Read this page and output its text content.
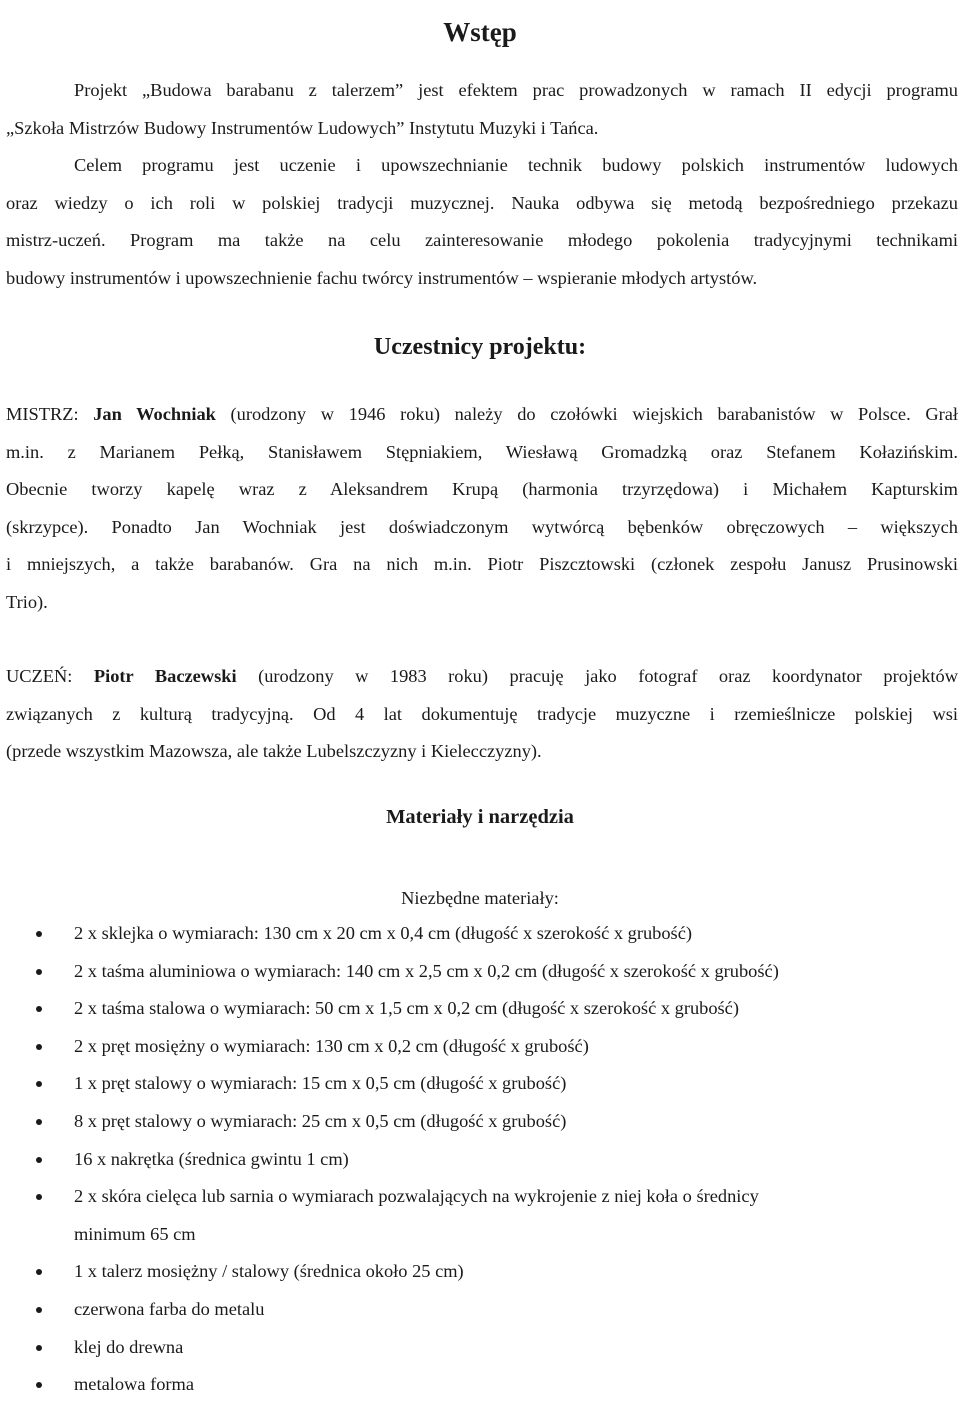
Wstęp
Projekt „Budowa barabanu z talerzem” jest efektem prac prowadzonych w ramach II edycji programu
„Szkoła Mistrzów Budowy Instrumentów Ludowych” Instytutu Muzyki i Tańca.
Celem programu jest uczenie i upowszechnianie technik budowy polskich instrumentów ludowych
oraz wiedzy o ich roli w polskiej tradycji muzycznej. Nauka odbywa się metodą bezpośredniego przekazu
mistrz-uczeń. Program ma także na celu zainteresowanie młodego pokolenia tradycyjnymi technikami
budowy instrumentów i upowszechnienie fachu twórcy instrumentów – wspieranie młodych artystów.
Uczestnicy projektu:
MISTRZ: Jan Wochniak (urodzony w 1946 roku) należy do czołówki wiejskich barabanistów w Polsce. Grał
m.in. z Marianem Pełką, Stanisławem Stępniakiem, Wiesławą Gromadzką oraz Stefanem Kołazińskim.
Obecnie tworzy kapelę wraz z Aleksandrem Krupą (harmonia trzyrzędowa) i Michałem Kapturskim
(skrzypce). Ponadto Jan Wochniak jest doświadczonym wytwórcą bębenków obręczowych – większych
i mniejszych, a także barabanów. Gra na nich m.in. Piotr Piszcztowski (członek zespołu Janusz Prusinowski
Trio).
UCZEŃ: Piotr Baczewski (urodzony w 1983 roku) pracuję jako fotograf oraz koordynator projektów
związanych z kulturą tradycyjną. Od 4 lat dokumentuję tradycje muzyczne i rzemieślnicze polskiej wsi
(przede wszystkim Mazowsza, ale także Lubelszczyzny i Kielecczyzny).
Materiały i narzędzia
Niezbędne materiały:
2 x sklejka o wymiarach: 130 cm x 20 cm x 0,4 cm (długość x szerokość x grubość)
2 x taśma aluminiowa o wymiarach: 140 cm x 2,5 cm x 0,2 cm (długość x szerokość x grubość)
2 x taśma stalowa o wymiarach: 50 cm x 1,5 cm x 0,2 cm (długość x szerokość x grubość)
2 x pręt mosiężny o wymiarach: 130 cm x 0,2 cm (długość x grubość)
1 x pręt stalowy o wymiarach: 15 cm x 0,5 cm (długość x grubość)
8 x pręt stalowy o wymiarach: 25 cm x 0,5 cm (długość x grubość)
16 x nakrętka (średnica gwintu 1 cm)
2 x skóra cielęca lub sarnia o wymiarach pozwalających na wykrojenie z niej koła o średnicy
minimum 65 cm
1 x talerz mosiężny / stalowy (średnica około 25 cm)
czerwona farba do metalu
klej do drewna
metalowa forma
